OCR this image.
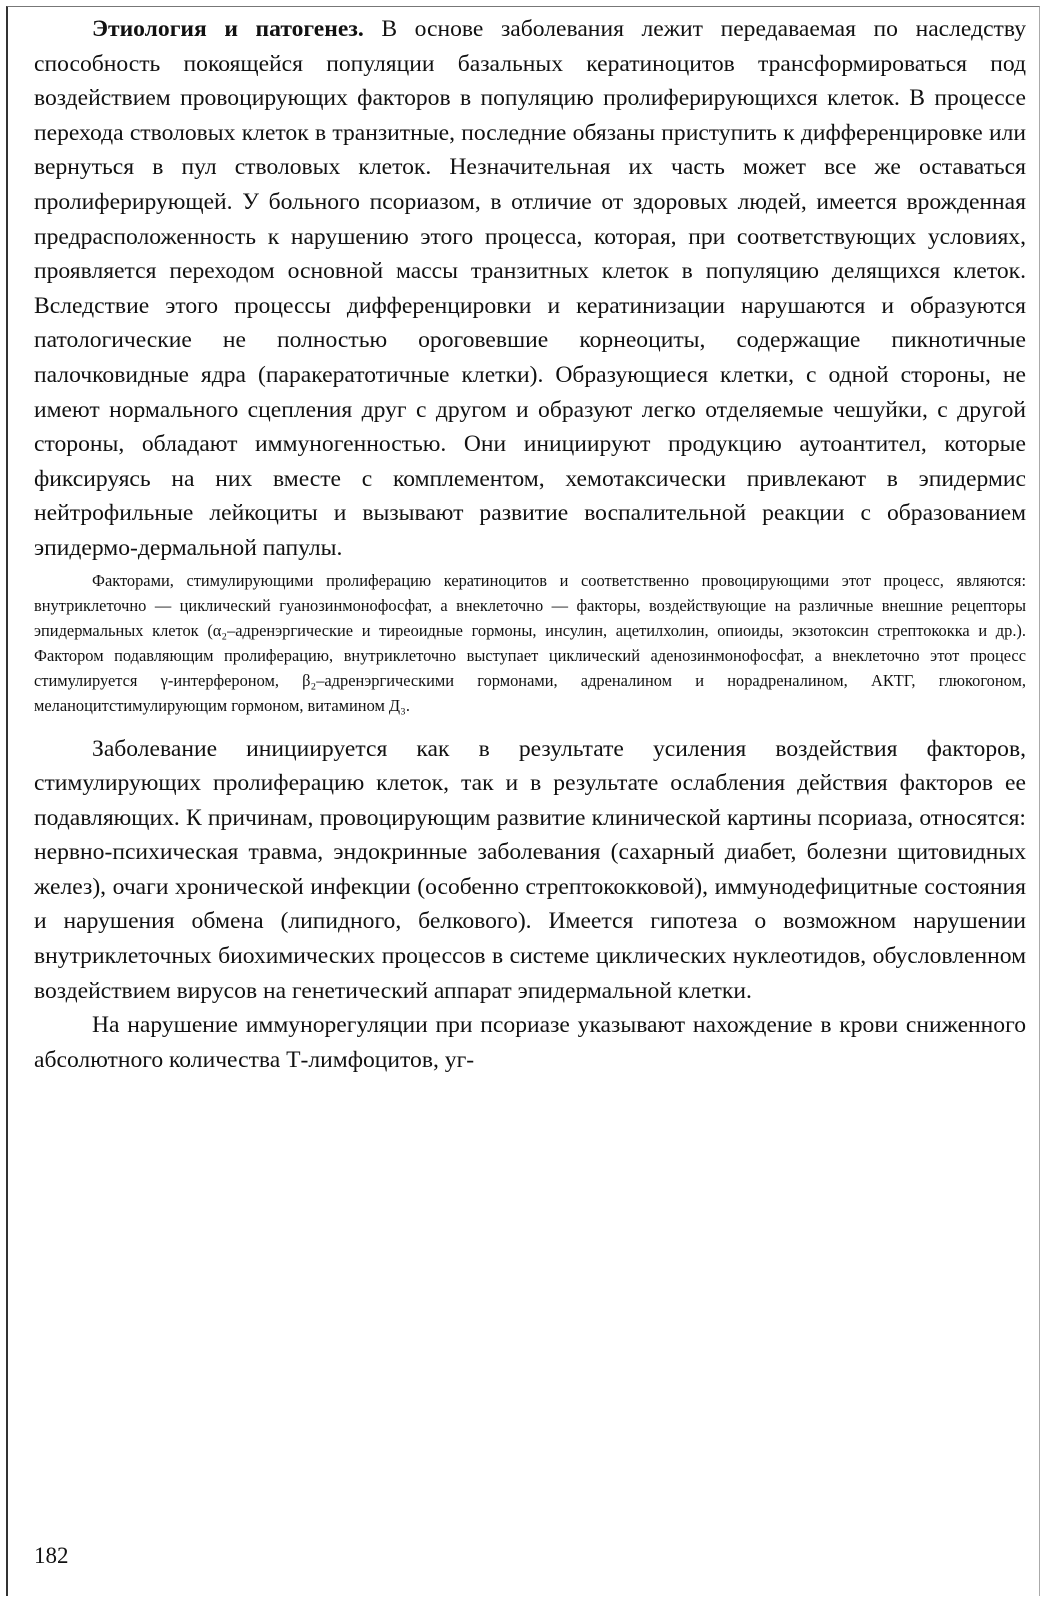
Этиология и патогенез. В основе заболевания лежит передаваемая по наследству способность покоящейся популяции базальных кератиноцитов трансформироваться под воздействием провоцирующих факторов в популяцию пролиферирующихся клеток. В процессе перехода стволовых клеток в транзитные, последние обязаны приступить к дифференцировке или вернуться в пул стволовых клеток. Незначительная их часть может все же оставаться пролиферирующей. У больного псориазом, в отличие от здоровых людей, имеется врожденная предрасположенность к нарушению этого процесса, которая, при соответствующих условиях, проявляется переходом основной массы транзитных клеток в популяцию делящихся клеток. Вследствие этого процессы дифференцировки и кератинизации нарушаются и образуются патологические не полностью ороговевшие корнеоциты, содержащие пикнотичные палочковидные ядра (паракератотичные клетки). Образующиеся клетки, с одной стороны, не имеют нормального сцепления друг с другом и образуют легко отделяемые чешуйки, с другой стороны, обладают иммуногенностью. Они инициируют продукцию аутоантител, которые фиксируясь на них вместе с комплементом, хемотаксически привлекают в эпидермис нейтрофильные лейкоциты и вызывают развитие воспалительной реакции с образованием эпидермо-дермальной папулы.

Факторами, стимулирующими пролиферацию кератиноцитов и соответственно провоцирующими этот процесс, являются: внутриклеточно — циклический гуанозинмонофосфат, а внеклеточно — факторы, воздействующие на различные внешние рецепторы эпидермальных клеток (α₂–адренэргические и тиреоидные гормоны, инсулин, ацетилхолин, опиоиды, экзотоксин стрептококка и др.). Фактором подавляющим пролиферацию, внутриклеточно выступает циклический аденозинмонофосфат, а внеклеточно этот процесс стимулируется γ-интерфероном, β₂–адренэргическими гормонами, адреналином и норадреналином, АКТГ, глюкогоном, меланоцитстимулирующим гормоном, витамином Д₃.

Заболевание инициируется как в результате усиления воздействия факторов, стимулирующих пролиферацию клеток, так и в результате ослабления действия факторов ее подавляющих. К причинам, провоцирующим развитие клинической картины псориаза, относятся: нервно-психическая травма, эндокринные заболевания (сахарный диабет, болезни щитовидных желез), очаги хронической инфекции (особенно стрептококковой), иммунодефицитные состояния и нарушения обмена (липидного, белкового). Имеется гипотеза о возможном нарушении внутриклеточных биохимических процессов в системе циклических нуклеотидов, обусловленном воздействием вирусов на генетический аппарат эпидермальной клетки.

На нарушение иммунорегуляции при псориазе указывают нахождение в крови сниженного абсолютного количества Т-лимфоцитов, уг-

182
